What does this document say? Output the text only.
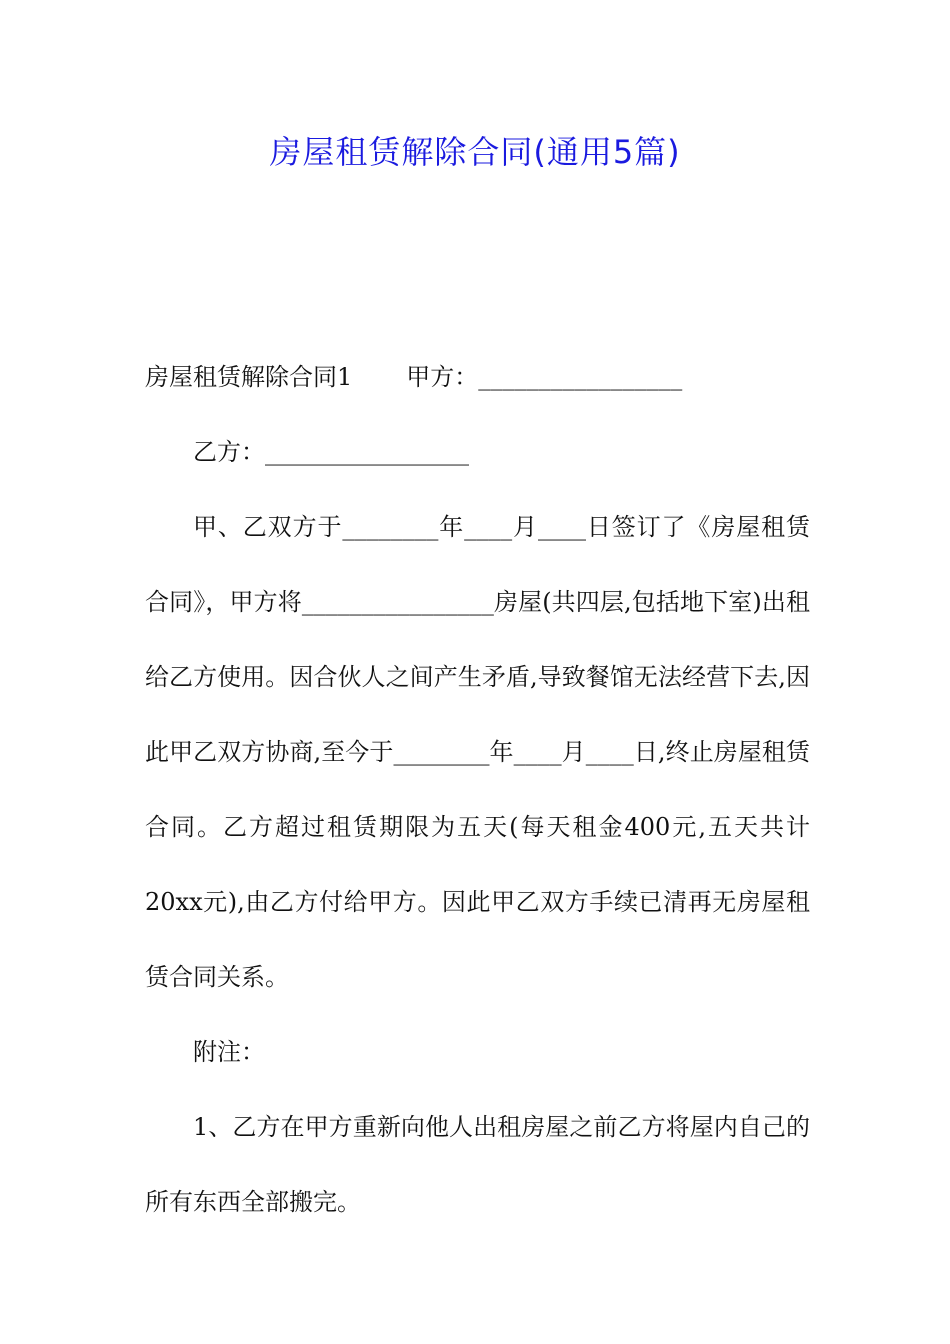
房屋租赁解除合同(通用5篇)

房屋租赁解除合同1 甲方：_________________

乙方：_________________

甲、乙双方于________年____月____日签订了《房屋租赁合同》，甲方将________________房屋(共四层,包括地下室)出租给乙方使用。因合伙人之间产生矛盾,导致餐馆无法经营下去,因此甲乙双方协商,至今于________年____月____日,终止房屋租赁合同。乙方超过租赁期限为五天(每天租金400元,五天共计20xx元),由乙方付给甲方。因此甲乙双方手续已清再无房屋租赁合同关系。

附注：

1、乙方在甲方重新向他人出租房屋之前乙方将屋内自己的所有东西全部搬完。
